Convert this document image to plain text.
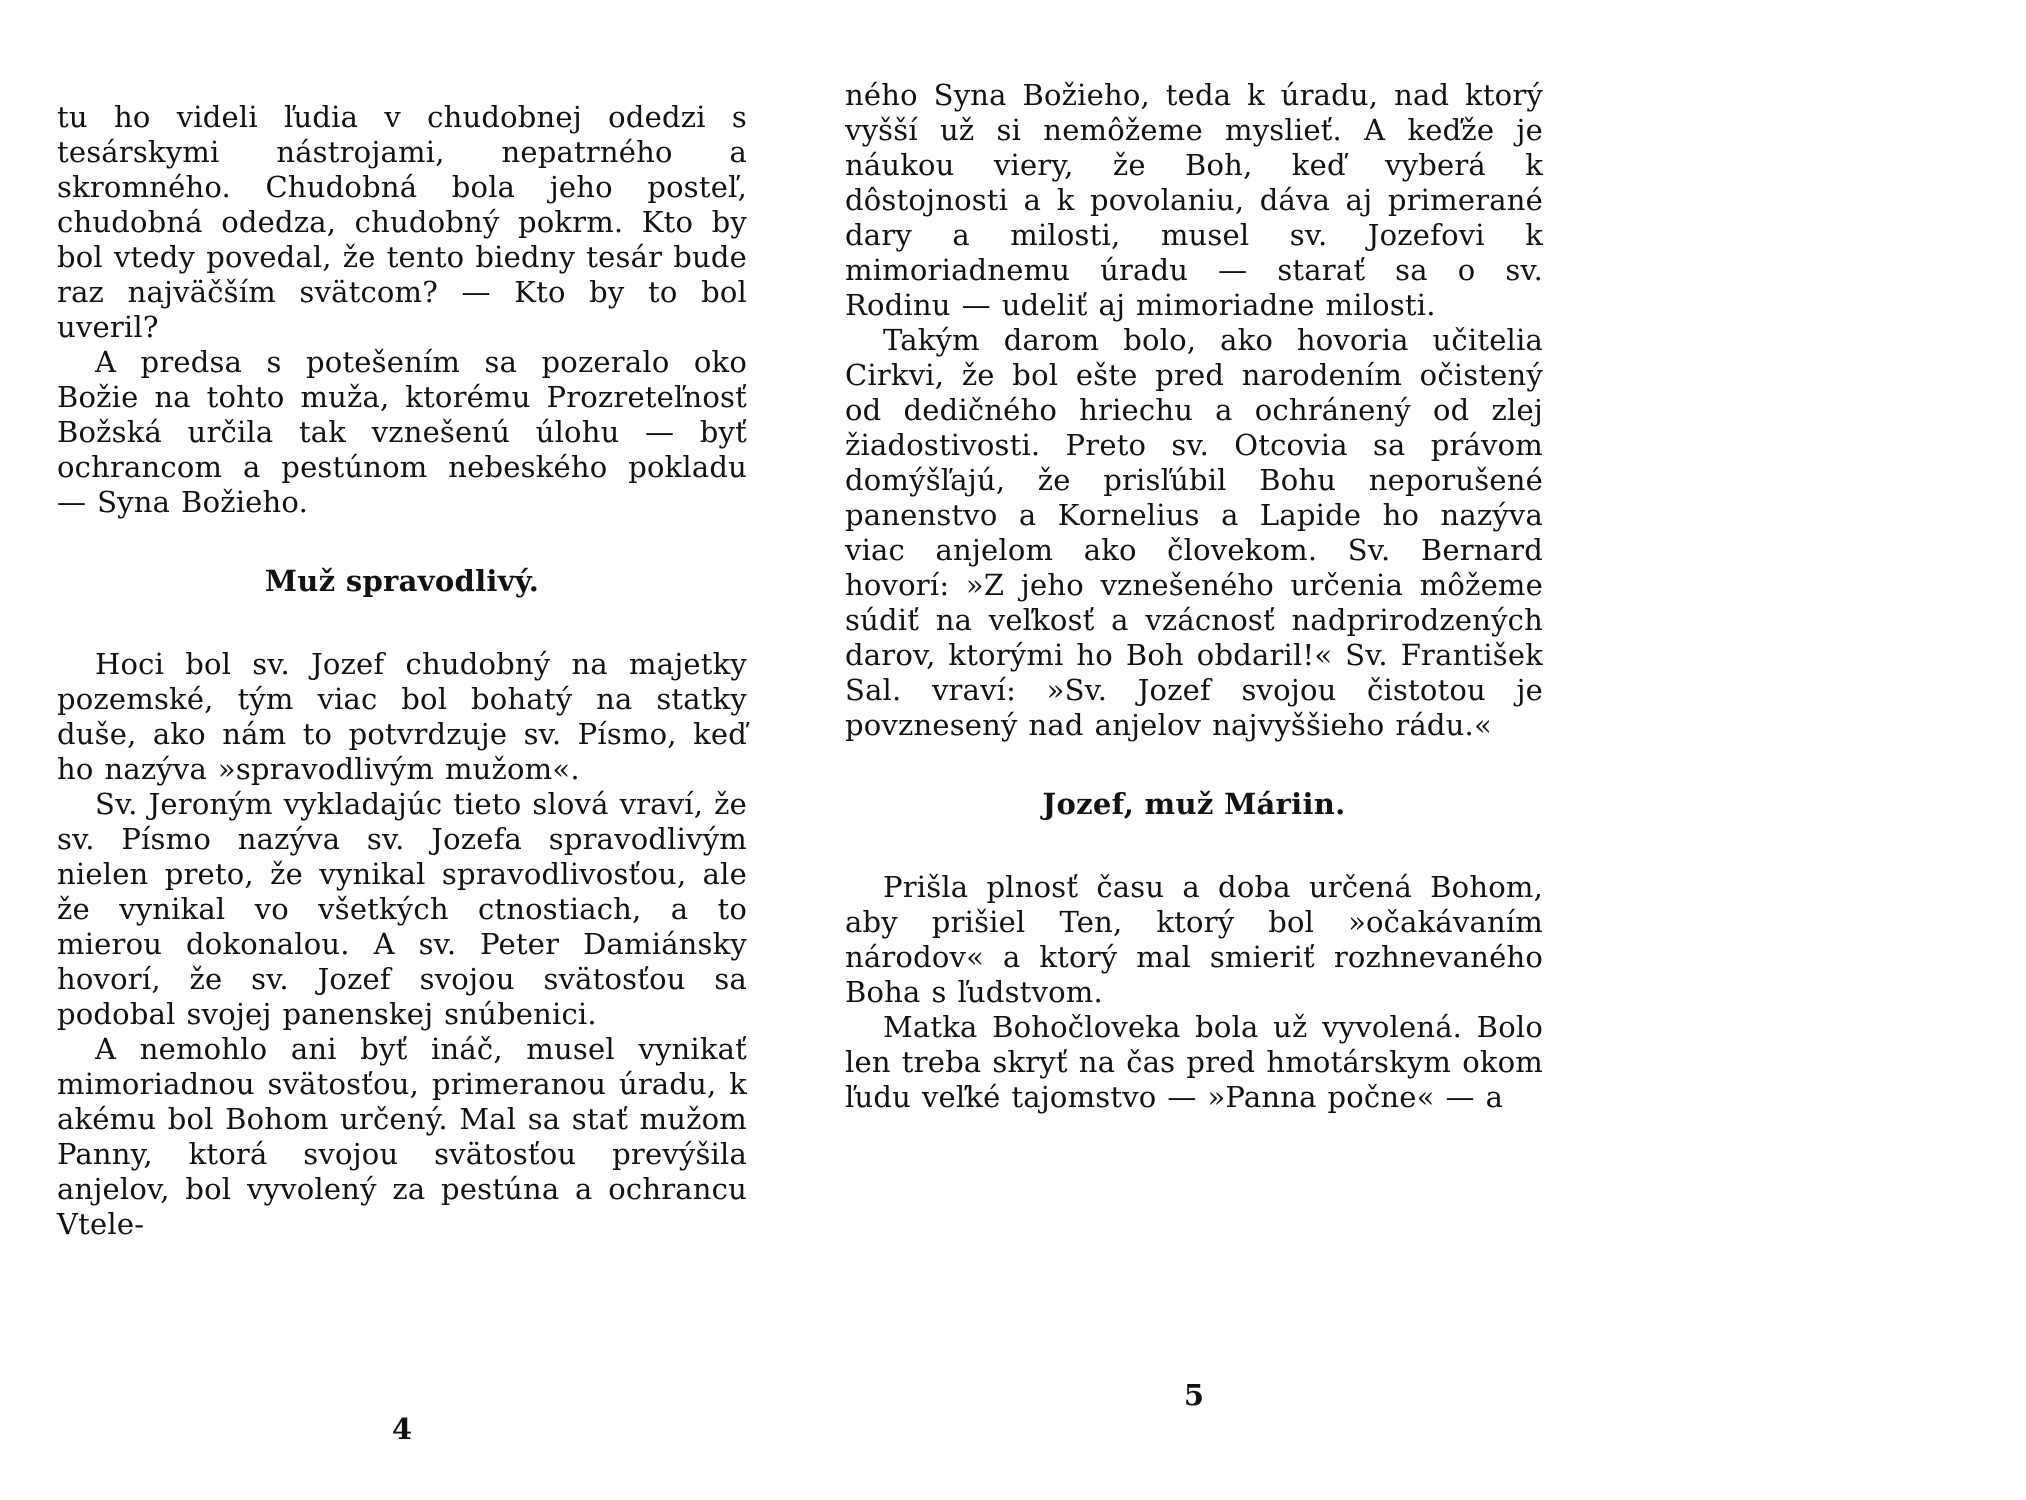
tu ho videli ľudia v chudobnej odedzi s tesárskymi nástrojami, nepatrného a skromného. Chudobná bola jeho posteľ, chudobná odedza, chudobný pokrm. Kto by bol vtedy povedal, že tento biedny tesár bude raz najväčším svätcom? — Kto by to bol uveril?

A predsa s potešením sa pozeralo oko Božie na tohto muža, ktorému Prozreteľnosť Božská určila tak vznešenú úlohu — byť ochrancom a pestúnom nebeského pokladu — Syna Božieho.

Muž spravodlivý.

Hoci bol sv. Jozef chudobný na majetky pozemské, tým viac bol bohatý na statky duše, ako nám to potvrdzuje sv. Písmo, keď ho nazýva »spravodlivým mužom«.

Sv. Jeroným vykladajúc tieto slová vraví, že sv. Písmo nazýva sv. Jozefa spravodlivým nielen preto, že vynikal spravodlivosťou, ale že vynikal vo všetkých ctnostiach, a to mierou dokonalou. A sv. Peter Damiánsky hovorí, že sv. Jozef svojou svätosťou sa podobal svojej panenskej snúbenici.

A nemohlo ani byť ináč, musel vynikať mimoriadnou svätosťou, primeranou úradu, k akému bol Bohom určený. Mal sa stať mužom Panny, ktorá svojou svätosťou prevýšila anjelov, bol vyvolený za pestúna a ochrancu Vtele-

4

ného Syna Božieho, teda k úradu, nad ktorý vyšší už si nemôžeme myslieť. A keďže je náukou viery, že Boh, keď vyberá k dôstojnosti a k povolaniu, dáva aj primerané dary a milosti, musel sv. Jozefovi k mimoriadnemu úradu — starať sa o sv. Rodinu — udeliť aj mimoriadne milosti.

Takým darom bolo, ako hovoria učitelia Cirkvi, že bol ešte pred narodením očistený od dedičného hriechu a ochránený od zlej žiadostivosti. Preto sv. Otcovia sa právom domýšľajú, že prisľúbil Bohu neporušené panenstvo a Kornelius a Lapide ho nazýva viac anjelom ako človekom. Sv. Bernard hovorí: »Z jeho vznešeného určenia môžeme súdiť na veľkosť a vzácnosť nadprirodzených darov, ktorými ho Boh obdaril!« Sv. František Sal. vraví: »Sv. Jozef svojou čistotou je povznesený nad anjelov najvyššieho rádu.«

Jozef, muž Máriin.

Prišla plnosť času a doba určená Bohom, aby prišiel Ten, ktorý bol »očakávaním národov« a ktorý mal smieriť rozhnevaného Boha s ľudstvom.

Matka Bohočloveka bola už vyvolená. Bolo len treba skryť na čas pred hmotárskym okom ľudu veľké tajomstvo — »Panna počne« — a

5
